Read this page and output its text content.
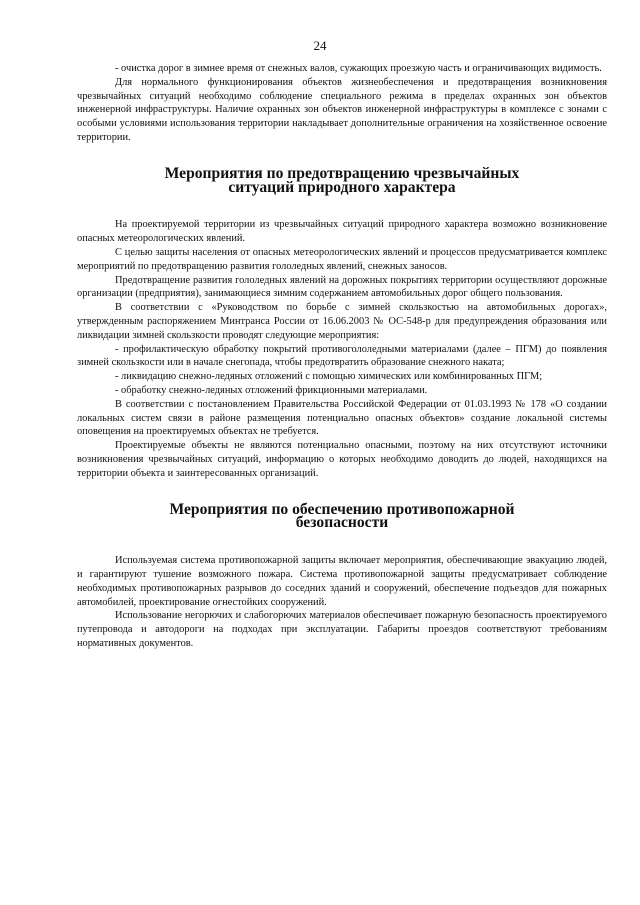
24

- очистка дорог в зимнее время от снежных валов, сужающих проезжую часть и ограничивающих видимость.

Для нормального функционирования объектов жизнеобеспечения и предотвращения возникновения чрезвычайных ситуаций необходимо соблюдение специального режима в пределах охранных зон объектов инженерной инфраструктуры. Наличие охранных зон объектов инженерной инфраструктуры в комплексе с зонами с особыми условиями использования территории накладывает дополнительные ограничения на хозяйственное освоение территории.

Мероприятия по предотвращению чрезвычайных
ситуаций природного характера

На проектируемой территории из чрезвычайных ситуаций природного характера возможно возникновение опасных метеорологических явлений.

С целью защиты населения от опасных метеорологических явлений и процессов предусматривается комплекс мероприятий по предотвращению развития гололедных явлений, снежных заносов.

Предотвращение развития гололедных явлений на дорожных покрытиях территории осуществляют дорожные организации (предприятия), занимающиеся зимним содержанием автомобильных дорог общего пользования.

В соответствии с «Руководством по борьбе с зимней скользкостью на автомобильных дорогах», утвержденным распоряжением Минтранса России от 16.06.2003 № ОС-548-р для предупреждения образования или ликвидации зимней скользкости проводят следующие мероприятия:

- профилактическую обработку покрытий противогололедными материалами (далее – ПГМ) до появления зимней скользкости или в начале снегопада, чтобы предотвратить образование снежного наката;

- ликвидацию снежно-ледяных отложений с помощью химических или комбинированных ПГМ;

- обработку снежно-ледяных отложений фрикционными материалами.

В соответствии с постановлением Правительства Российской Федерации от 01.03.1993 № 178 «О создании локальных систем связи в районе размещения потенциально опасных объектов» создание локальной системы оповещения на проектируемых объектах не требуется.

Проектируемые объекты не являются потенциально опасными, поэтому на них отсутствуют источники возникновения чрезвычайных ситуаций, информацию о которых необходимо доводить до людей, находящихся на территории объекта и заинтересованных организаций.

Мероприятия по обеспечению противопожарной
безопасности

Используемая система противопожарной защиты включает мероприятия, обеспечивающие эвакуацию людей, и гарантируют тушение возможного пожара. Система противопожарной защиты предусматривает соблюдение необходимых противопожарных разрывов до соседних зданий и сооружений, обеспечение подъездов для пожарных автомобилей, проектирование огнестойких сооружений.

Использование негорючих и слабогорючих материалов обеспечивает пожарную безопасность проектируемого путепровода и автодороги на подходах при эксплуатации. Габариты проездов соответствуют требованиям нормативных документов.
